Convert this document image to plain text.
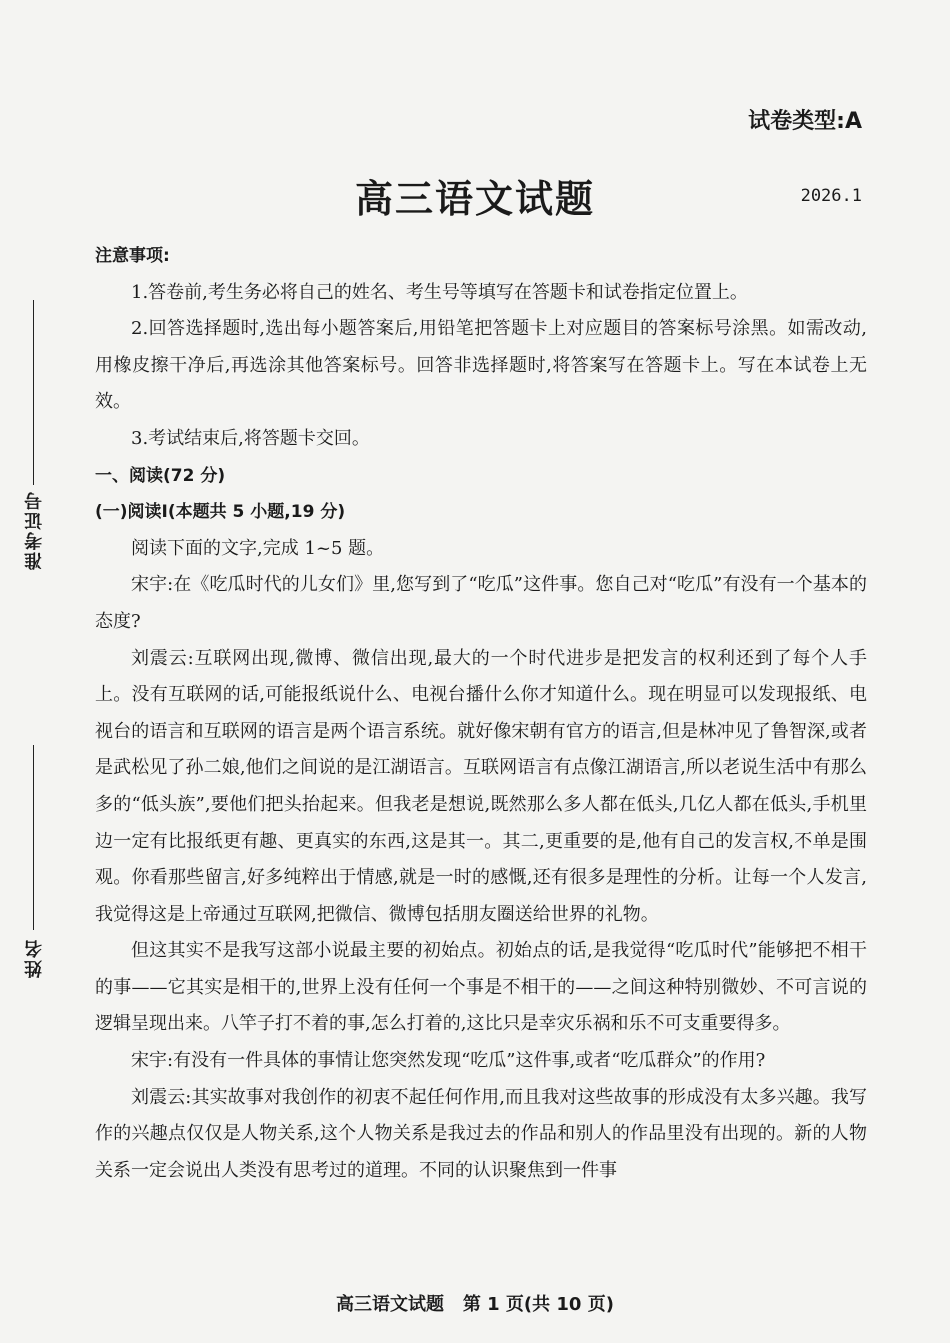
试卷类型:A
高三语文试题	2026.1
准考证号
姓名

注意事项:

1.答卷前,考生务必将自己的姓名、考生号等填写在答题卡和试卷指定位置上。

2.回答选择题时,选出每小题答案后,用铅笔把答题卡上对应题目的答案标号涂黑。如需改动,用橡皮擦干净后,再选涂其他答案标号。回答非选择题时,将答案写在答题卡上。写在本试卷上无效。

3.考试结束后,将答题卡交回。

一、阅读(72 分)

(一)阅读Ⅰ(本题共 5 小题,19 分)

阅读下面的文字,完成 1~5 题。

宋宇:在《吃瓜时代的儿女们》里,您写到了“吃瓜”这件事。您自己对“吃瓜”有没有一个基本的态度?

刘震云:互联网出现,微博、微信出现,最大的一个时代进步是把发言的权利还到了每个人手上。没有互联网的话,可能报纸说什么、电视台播什么你才知道什么。现在明显可以发现报纸、电视台的语言和互联网的语言是两个语言系统。就好像宋朝有官方的语言,但是林冲见了鲁智深,或者是武松见了孙二娘,他们之间说的是江湖语言。互联网语言有点像江湖语言,所以老说生活中有那么多的“低头族”,要他们把头抬起来。但我老是想说,既然那么多人都在低头,几亿人都在低头,手机里边一定有比报纸更有趣、更真实的东西,这是其一。其二,更重要的是,他有自己的发言权,不单是围观。你看那些留言,好多纯粹出于情感,就是一时的感慨,还有很多是理性的分析。让每一个人发言,我觉得这是上帝通过互联网,把微信、微博包括朋友圈送给世界的礼物。

但这其实不是我写这部小说最主要的初始点。初始点的话,是我觉得“吃瓜时代”能够把不相干的事——它其实是相干的,世界上没有任何一个事是不相干的——之间这种特别微妙、不可言说的逻辑呈现出来。八竿子打不着的事,怎么打着的,这比只是幸灾乐祸和乐不可支重要得多。

宋宇:有没有一件具体的事情让您突然发现“吃瓜”这件事,或者“吃瓜群众”的作用?

刘震云:其实故事对我创作的初衷不起任何作用,而且我对这些故事的形成没有太多兴趣。我写作的兴趣点仅仅是人物关系,这个人物关系是我过去的作品和别人的作品里没有出现的。新的人物关系一定会说出人类没有思考过的道理。不同的认识聚焦到一件事

高三语文试题   第 1 页(共 10 页)
